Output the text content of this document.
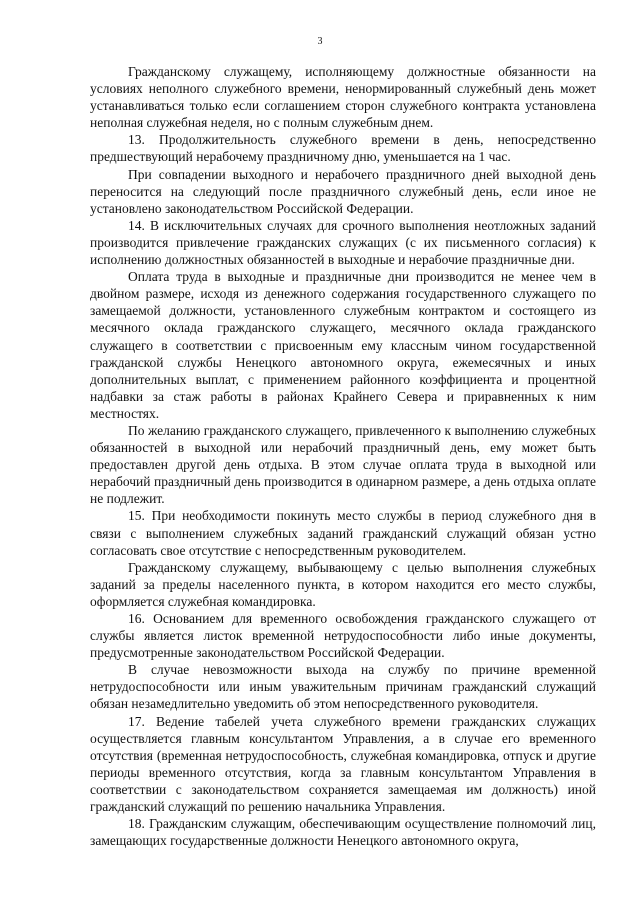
3

Гражданскому служащему, исполняющему должностные обязанности на условиях неполного служебного времени, ненормированный служебный день может устанавливаться только если соглашением сторон служебного контракта установлена неполная служебная неделя, но с полным служебным днем.

13. Продолжительность служебного времени в день, непосредственно предшествующий нерабочему праздничному дню, уменьшается на 1 час.

При совпадении выходного и нерабочего праздничного дней выходной день переносится на следующий после праздничного служебный день, если иное не установлено законодательством Российской Федерации.

14. В исключительных случаях для срочного выполнения неотложных заданий производится привлечение гражданских служащих (с их письменного согласия) к исполнению должностных обязанностей в выходные и нерабочие праздничные дни.

Оплата труда в выходные и праздничные дни производится не менее чем в двойном размере, исходя из денежного содержания государственного служащего по замещаемой должности, установленного служебным контрактом и состоящего из месячного оклада гражданского служащего, месячного оклада гражданского служащего в соответствии с присвоенным ему классным чином государственной гражданской службы Ненецкого автономного округа, ежемесячных и иных дополнительных выплат, с применением районного коэффициента и процентной надбавки за стаж работы в районах Крайнего Севера и приравненных к ним местностях.

По желанию гражданского служащего, привлеченного к выполнению служебных обязанностей в выходной или нерабочий праздничный день, ему может быть предоставлен другой день отдыха. В этом случае оплата труда в выходной или нерабочий праздничный день производится в одинарном размере, а день отдыха оплате не подлежит.

15. При необходимости покинуть место службы в период служебного дня в связи с выполнением служебных заданий гражданский служащий обязан устно согласовать свое отсутствие с непосредственным руководителем.

Гражданскому служащему, выбывающему с целью выполнения служебных заданий за пределы населенного пункта, в котором находится его место службы, оформляется служебная командировка.

16. Основанием для временного освобождения гражданского служащего от службы является листок временной нетрудоспособности либо иные документы, предусмотренные законодательством Российской Федерации.

В случае невозможности выхода на службу по причине временной нетрудоспособности или иным уважительным причинам гражданский служащий обязан незамедлительно уведомить об этом непосредственного руководителя.

17. Ведение табелей учета служебного времени гражданских служащих осуществляется главным консультантом Управления, а в случае его временного отсутствия (временная нетрудоспособность, служебная командировка, отпуск и другие периоды временного отсутствия, когда за главным консультантом Управления в соответствии с законодательством сохраняется замещаемая им должность) иной гражданский служащий по решению начальника Управления.

18. Гражданским служащим, обеспечивающим осуществление полномочий лиц, замещающих государственные должности Ненецкого автономного округа,
